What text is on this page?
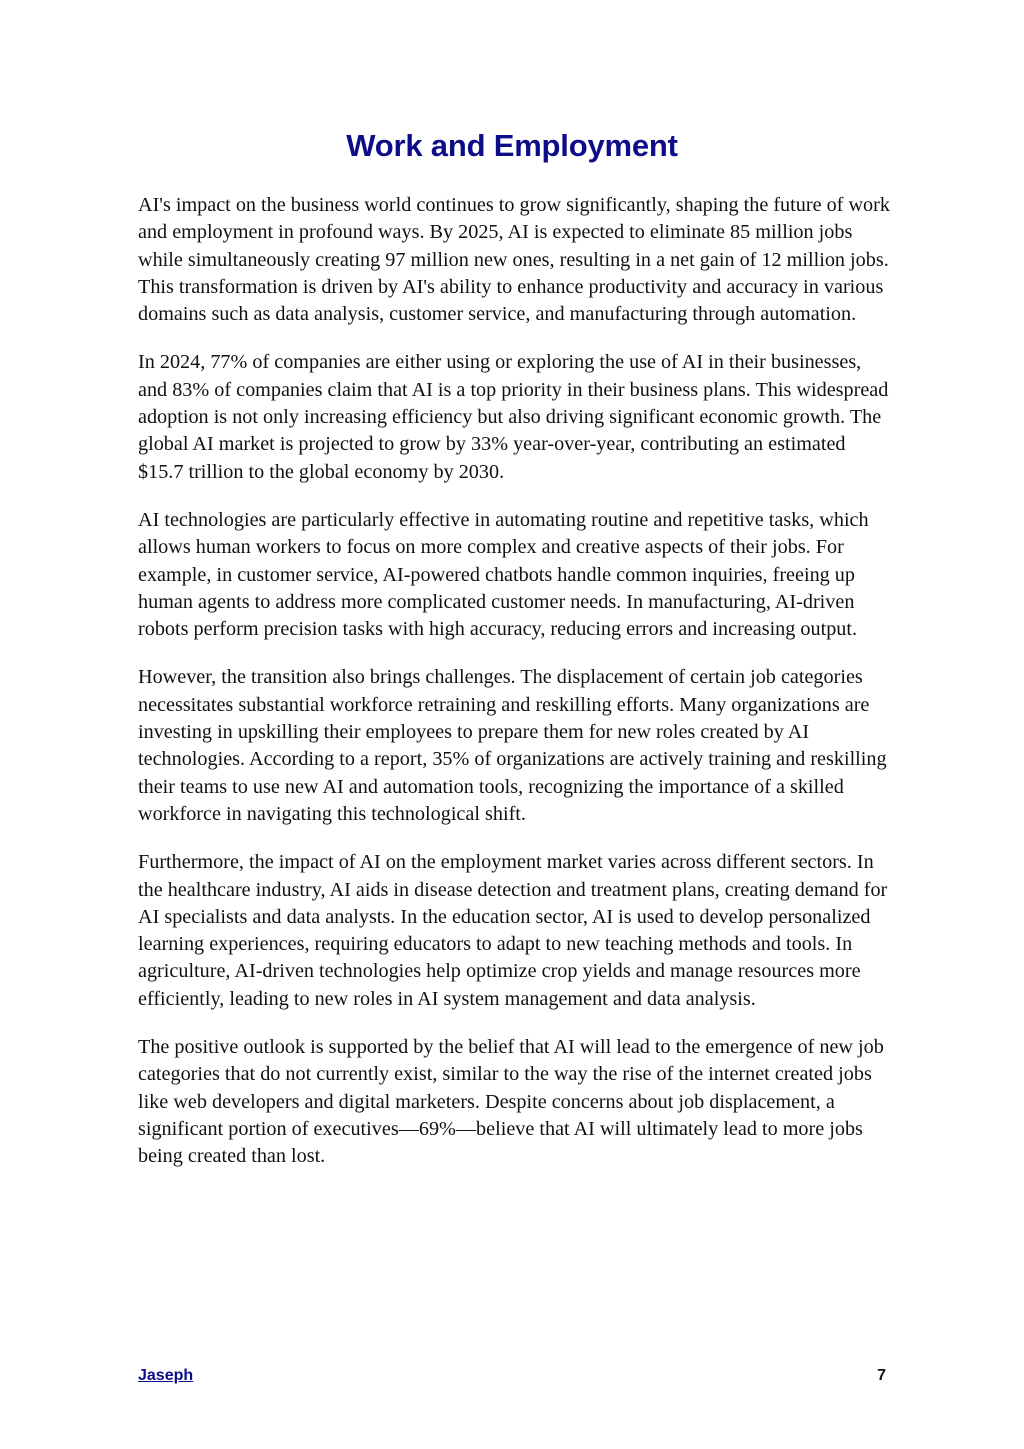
Work and Employment

AI's impact on the business world continues to grow significantly, shaping the future of work and employment in profound ways. By 2025, AI is expected to eliminate 85 million jobs while simultaneously creating 97 million new ones, resulting in a net gain of 12 million jobs. This transformation is driven by AI's ability to enhance productivity and accuracy in various domains such as data analysis, customer service, and manufacturing through automation.

In 2024, 77% of companies are either using or exploring the use of AI in their businesses, and 83% of companies claim that AI is a top priority in their business plans. This widespread adoption is not only increasing efficiency but also driving significant economic growth. The global AI market is projected to grow by 33% year-over-year, contributing an estimated $15.7 trillion to the global economy by 2030.

AI technologies are particularly effective in automating routine and repetitive tasks, which allows human workers to focus on more complex and creative aspects of their jobs. For example, in customer service, AI-powered chatbots handle common inquiries, freeing up human agents to address more complicated customer needs. In manufacturing, AI-driven robots perform precision tasks with high accuracy, reducing errors and increasing output.

However, the transition also brings challenges. The displacement of certain job categories necessitates substantial workforce retraining and reskilling efforts. Many organizations are investing in upskilling their employees to prepare them for new roles created by AI technologies. According to a report, 35% of organizations are actively training and reskilling their teams to use new AI and automation tools, recognizing the importance of a skilled workforce in navigating this technological shift.

Furthermore, the impact of AI on the employment market varies across different sectors. In the healthcare industry, AI aids in disease detection and treatment plans, creating demand for AI specialists and data analysts. In the education sector, AI is used to develop personalized learning experiences, requiring educators to adapt to new teaching methods and tools. In agriculture, AI-driven technologies help optimize crop yields and manage resources more efficiently, leading to new roles in AI system management and data analysis.

The positive outlook is supported by the belief that AI will lead to the emergence of new job categories that do not currently exist, similar to the way the rise of the internet created jobs like web developers and digital marketers. Despite concerns about job displacement, a significant portion of executives—69%—believe that AI will ultimately lead to more jobs being created than lost.

Jaseph	7
